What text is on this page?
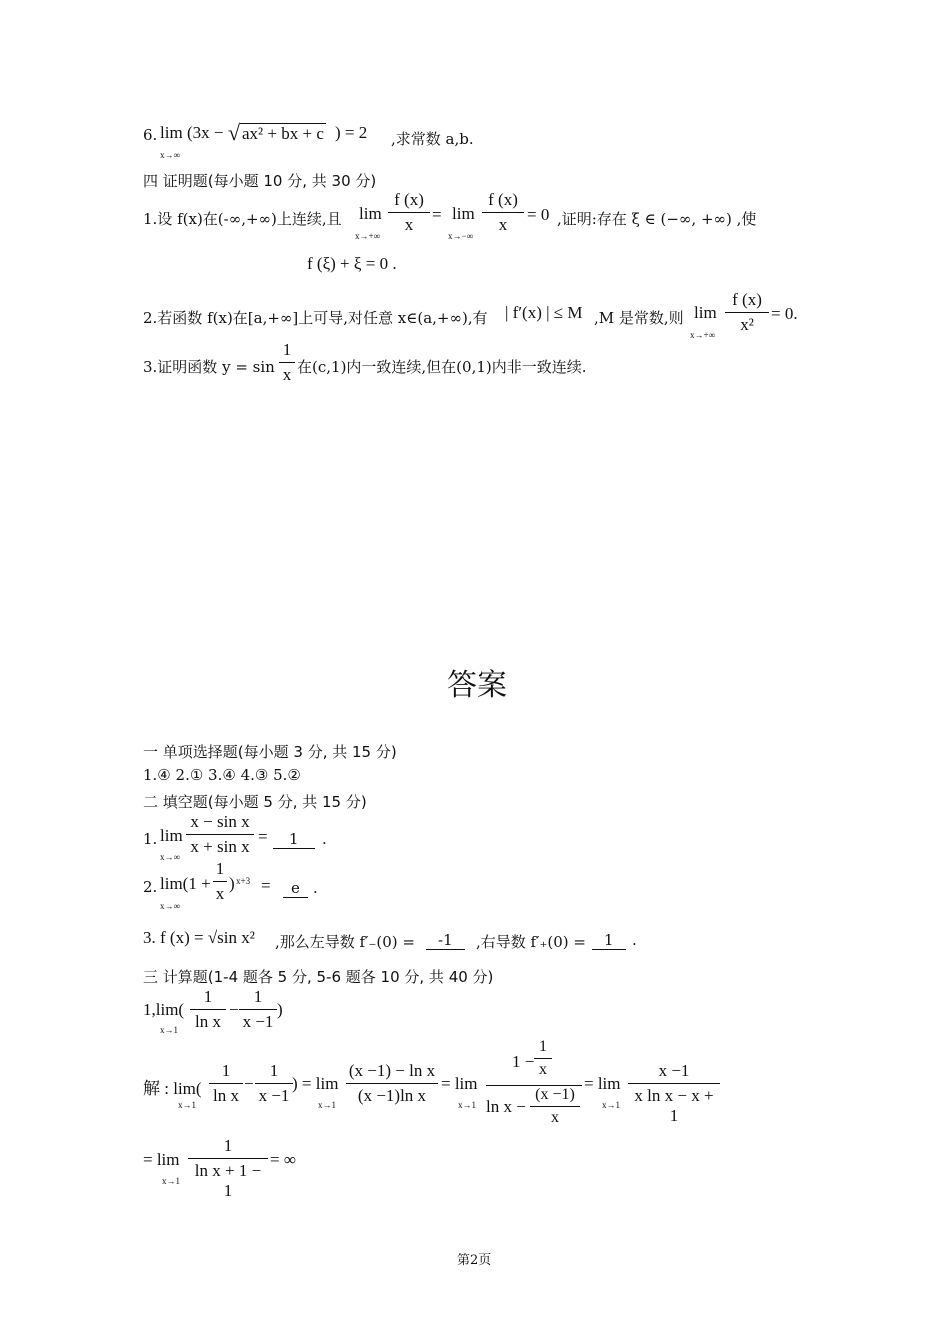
6. lim
x→∞
(3x − √ ax² + bx + c ) = 2 ,求常数 a,b.
四 证明题(每小题 10 分, 共 30 分)
1.设 f(x)在(-∞,+∞)上连续,且 lim
x→+∞
$\frac{f (x)}{x} = \lim$
x→−∞
$\frac{f (x)}{x} = 0$ ,证明:存在 ξ ∈ (−∞, +∞) ,使
f (ξ) + ξ = 0 .
2.若函数 f(x)在[a,+∞]上可导,对任意 x∈(a,+∞),有 | f′(x) | ≤ M ,M 是常数,则 lim
$x\to+\infty \frac{f (x)}{\text{x²}} = 0$.
3.证明函数 $y = \sin \frac{1}{x}$ 在(c,1)内一致连续,但在(0,1)内非一致连续.
答案
一 单项选择题(每小题 3 分, 共 15 分)
1.④ 2.① 3.④ 4.③ 5.②
二 填空题(每小题 5 分, 共 15 分)
1. lim
$x\to\infty \frac{\text{x − sin x}}{\text{x + sin x}}$ =	1	.
2. lim(1 +
x→∞
$\frac{1}{x}$ ) x+3 =	e .
3. f (x) = √sin x² ,那么左导数 f′₋(0) =	-1	,右导数 f′₊(0) =	1	.
三 计算题(1-4 题各 5 分, 5-6 题各 10 分, 共 40 分)
1,lim(
$x\to 1 \frac{1}{\text{ln x}} - \frac{1}{x -1}$ )
解 : lim(
$x\to 1 \frac{1}{\text{ln x}} - \frac{1}{x -1}$ ) = lim
$x\to 1 \frac{\text{(x −1) − ln x}}{\text{(x −1)ln x}} = \lim$
x→1
$1 - \frac{1}{x}$
$\ln x - \frac{(x -1)}{x}$
= lim
$x\to 1 \frac{x -1}{\text{x ln x − x + 1}}$
= lim
$x\to 1 \frac{1}{\text{ln x + 1 − 1}}$ = ∞
第2页
